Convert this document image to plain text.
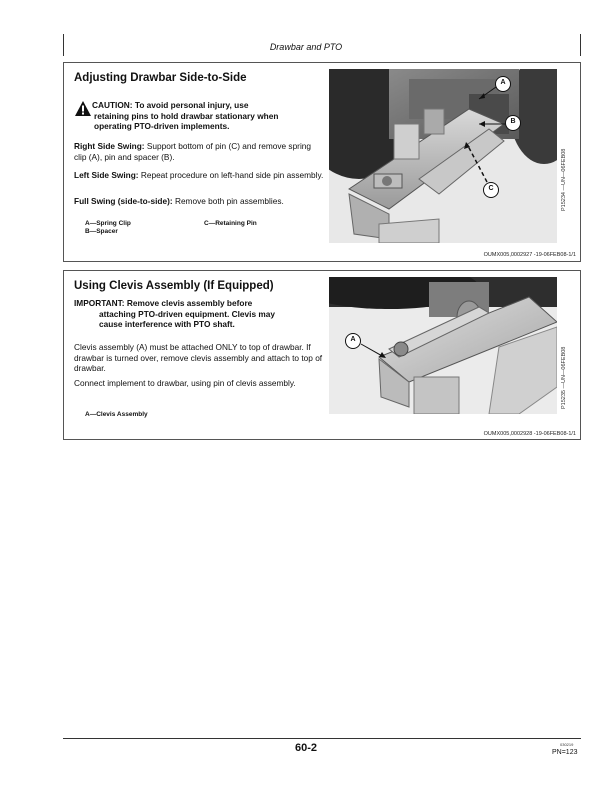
Drawbar and PTO
Adjusting Drawbar Side-to-Side
CAUTION: To avoid personal injury, use
retaining pins to hold drawbar stationary when
operating PTO-driven implements.
Right Side Swing: Support bottom of pin (C) and remove spring clip (A), pin and spacer (B).
Left Side Swing: Repeat procedure on left-hand side pin assembly.
Full Swing (side-to-side): Remove both pin assemblies.
A—Spring Clip
B—Spacer
C—Retaining Pin
A
B
C	P15234 —UN—06FEB08
OUMX005,0002927 -19-06FEB08-1/1
Using Clevis Assembly (If Equipped)
IMPORTANT: Remove clevis assembly before
attaching PTO-driven equipment. Clevis may
cause interference with PTO shaft.
Clevis assembly (A) must be attached ONLY to top of drawbar. If drawbar is turned over, remove clevis assembly and attach to top of drawbar.
Connect implement to drawbar, using pin of clevis assembly.
A—Clevis Assembly
A
P15235 —UN—06FEB08
OUMX005,0002928 -19-06FEB08-1/1
60-2	030219
PN=123
